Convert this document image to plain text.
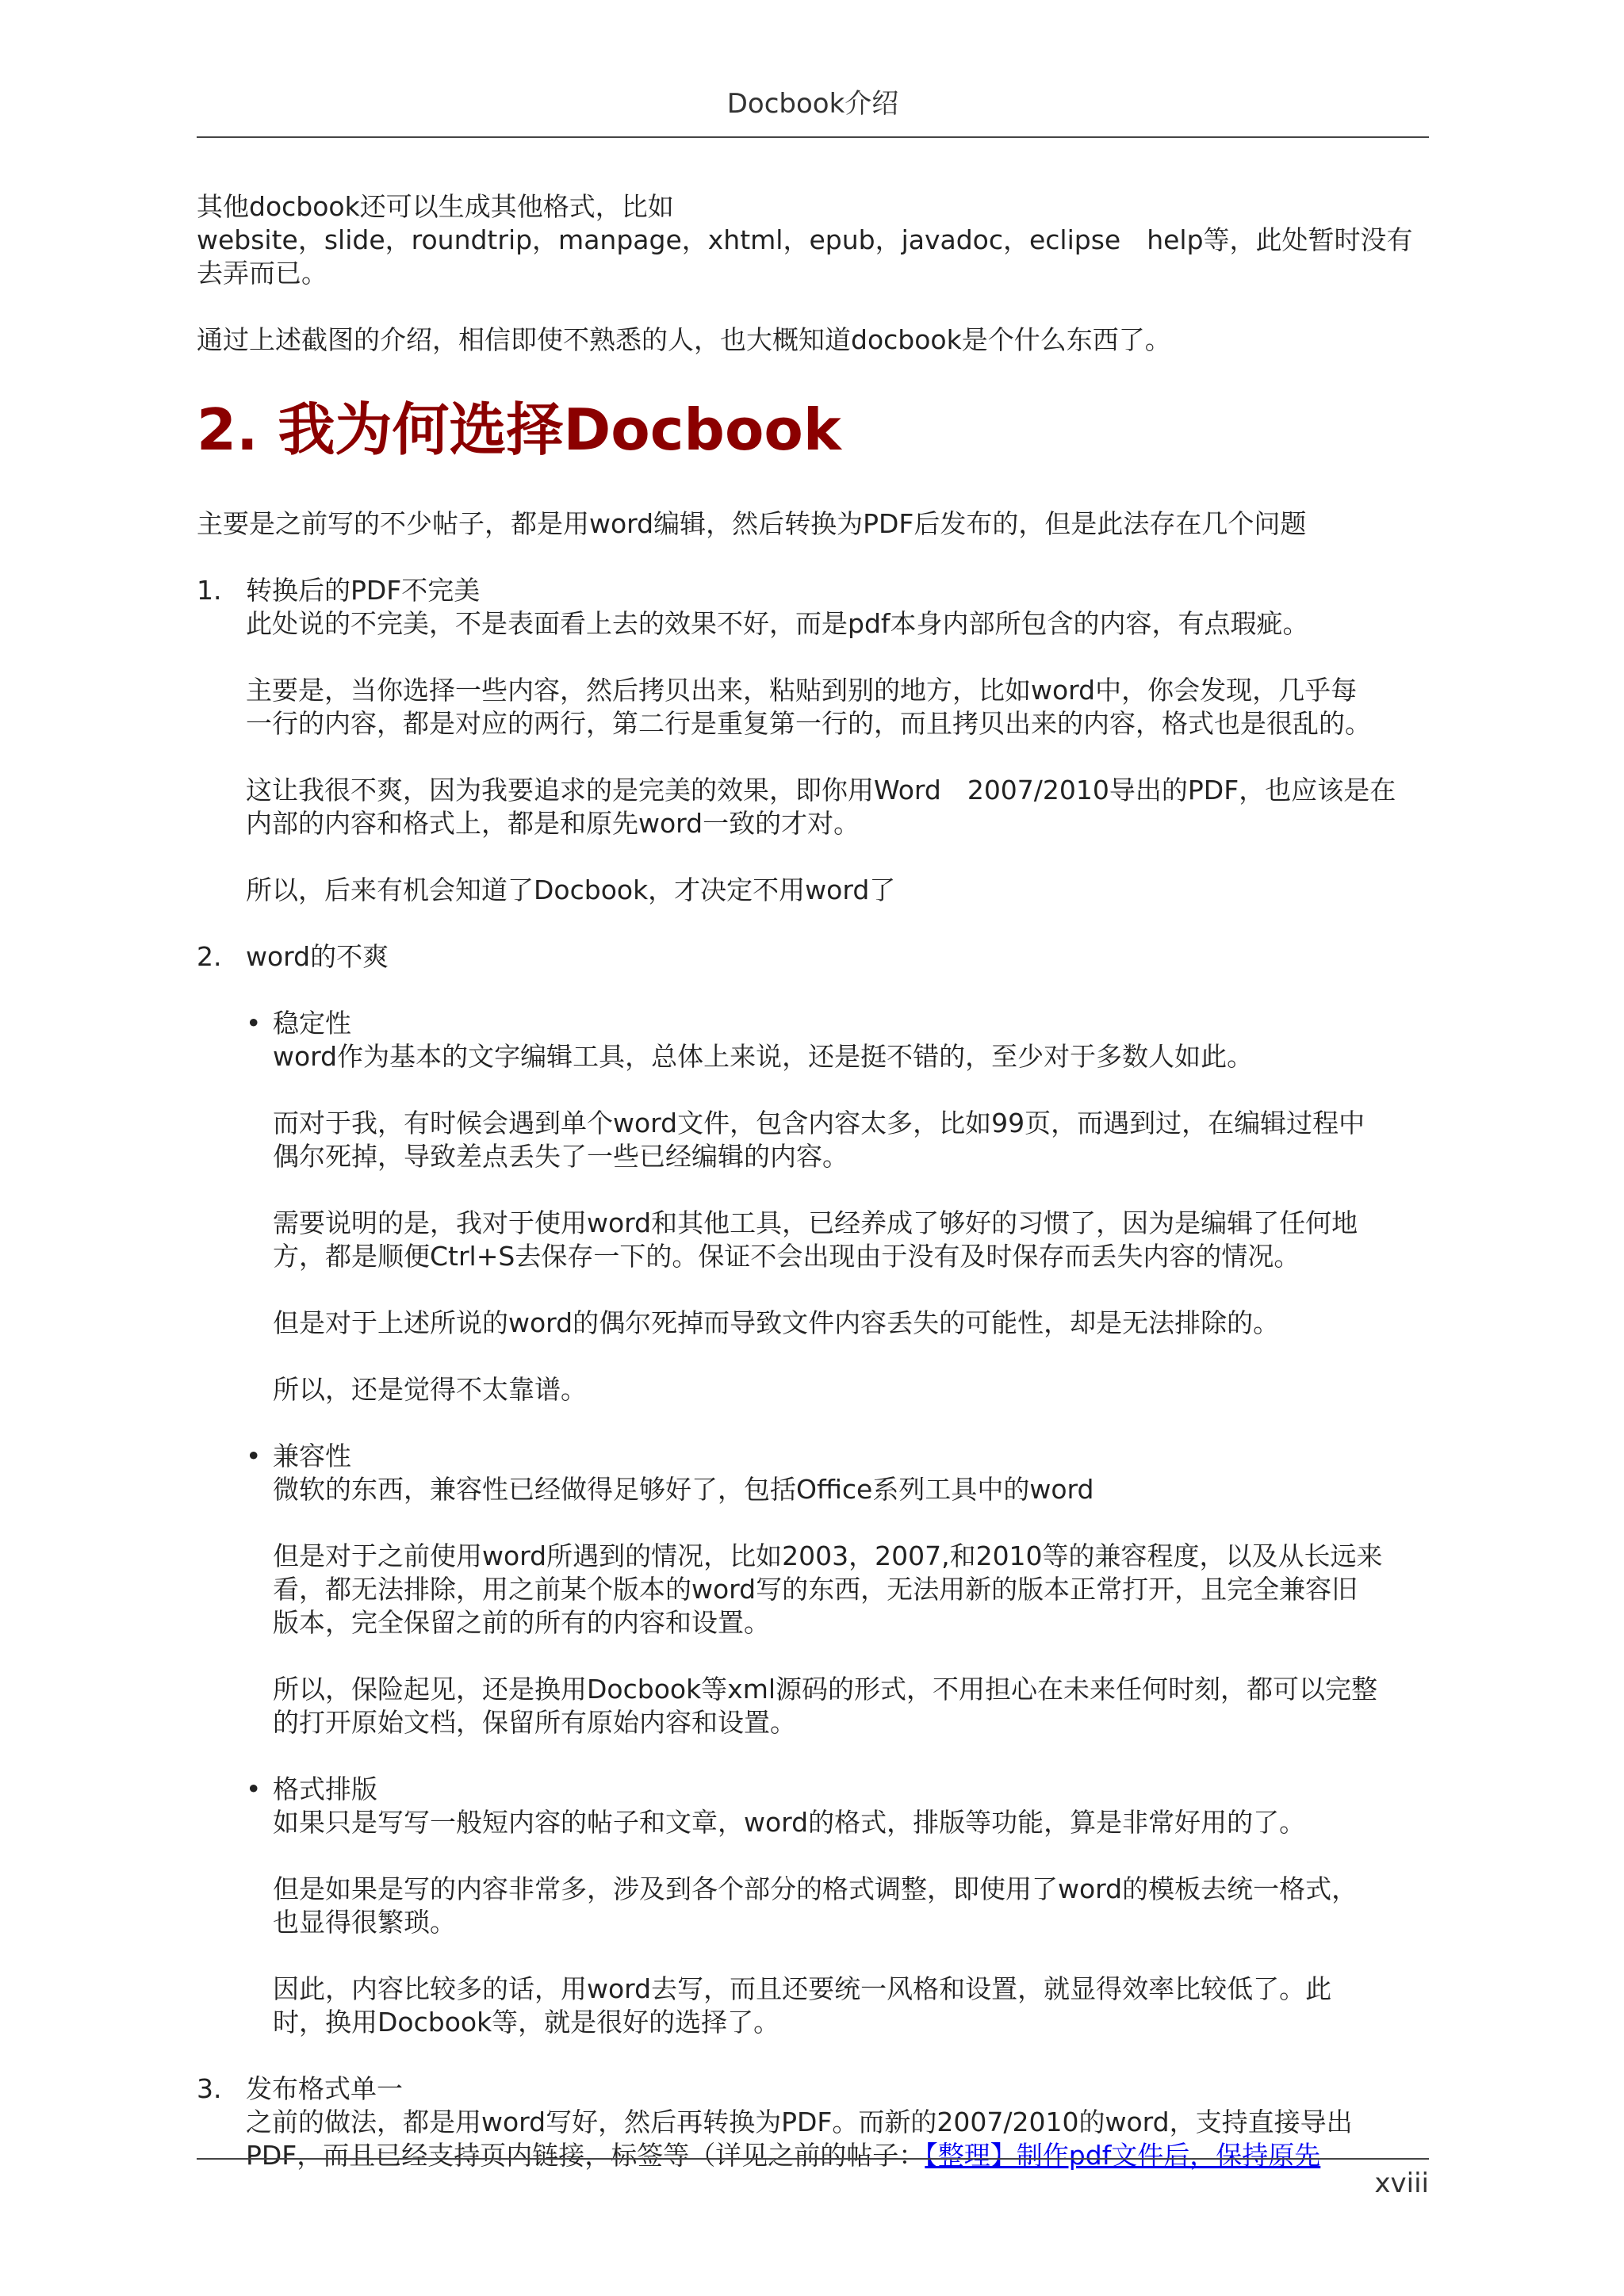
Docbook介绍

其他docbook还可以生成其他格式，比如
website，slide，roundtrip，manpage，xhtml，epub，javadoc，eclipse　help等，此处暂时没有
去弄而已。

通过上述截图的介绍，相信即使不熟悉的人，也大概知道docbook是个什么东西了。

2. 我为何选择Docbook

主要是之前写的不少帖子，都是用word编辑，然后转换为PDF后发布的，但是此法存在几个问题

1. 转换后的PDF不完美
此处说的不完美，不是表面看上去的效果不好，而是pdf本身内部所包含的内容，有点瑕疵。

主要是，当你选择一些内容，然后拷贝出来，粘贴到别的地方，比如word中，你会发现，几乎每
一行的内容，都是对应的两行，第二行是重复第一行的，而且拷贝出来的内容，格式也是很乱的。

这让我很不爽，因为我要追求的是完美的效果，即你用Word　2007/2010导出的PDF，也应该是在
内部的内容和格式上，都是和原先word一致的才对。

所以，后来有机会知道了Docbook，才决定不用word了

2. word的不爽

• 稳定性
word作为基本的文字编辑工具，总体上来说，还是挺不错的，至少对于多数人如此。

而对于我，有时候会遇到单个word文件，包含内容太多，比如99页，而遇到过，在编辑过程中
偶尔死掉，导致差点丢失了一些已经编辑的内容。

需要说明的是，我对于使用word和其他工具，已经养成了够好的习惯了，因为是编辑了任何地
方，都是顺便Ctrl+S去保存一下的。保证不会出现由于没有及时保存而丢失内容的情况。

但是对于上述所说的word的偶尔死掉而导致文件内容丢失的可能性，却是无法排除的。

所以，还是觉得不太靠谱。

• 兼容性
微软的东西，兼容性已经做得足够好了，包括Office系列工具中的word

但是对于之前使用word所遇到的情况，比如2003，2007,和2010等的兼容程度，以及从长远来
看，都无法排除，用之前某个版本的word写的东西，无法用新的版本正常打开，且完全兼容旧
版本，完全保留之前的所有的内容和设置。

所以，保险起见，还是换用Docbook等xml源码的形式，不用担心在未来任何时刻，都可以完整
的打开原始文档，保留所有原始内容和设置。

• 格式排版
如果只是写写一般短内容的帖子和文章，word的格式，排版等功能，算是非常好用的了。

但是如果是写的内容非常多，涉及到各个部分的格式调整，即使用了word的模板去统一格式，
也显得很繁琐。

因此，内容比较多的话，用word去写，而且还要统一风格和设置，就显得效率比较低了。此
时，换用Docbook等，就是很好的选择了。

3. 发布格式单一
之前的做法，都是用word写好，然后再转换为PDF。而新的2007/2010的word，支持直接导出
PDF，而且已经支持页内链接，标签等（详见之前的帖子：【整理】制作pdf文件后，保持原先

xviii
